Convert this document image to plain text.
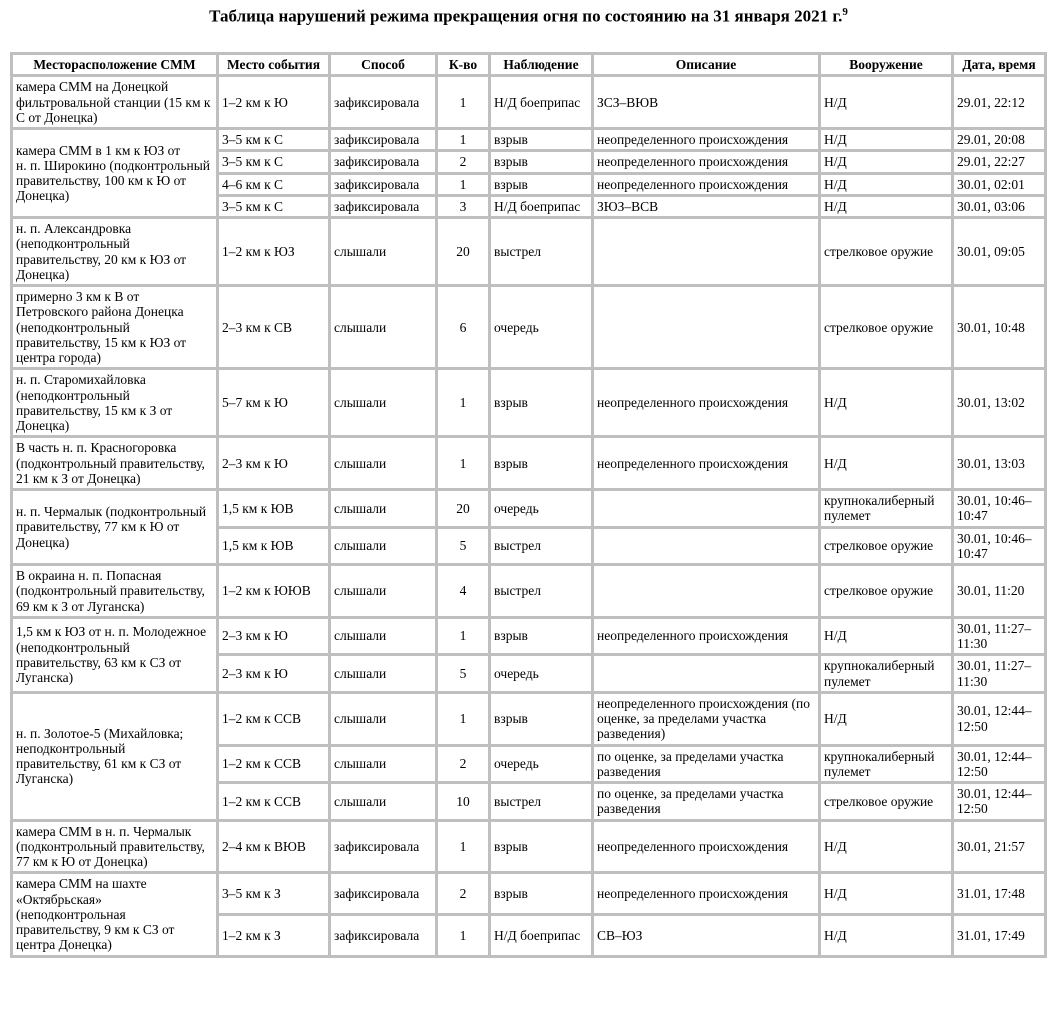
Таблица нарушений режима прекращения огня по состоянию на 31 января 2021 г.$^9$
Месторасположение СММ	Место события	Способ	К-во	Наблюдение	Описание	Вооружение	Дата, время
камера СММ на Донецкой фильтровальной станции (15 км к С от Донецка)	1–2 км к Ю	зафиксировала	1	Н/Д боеприпас	ЗСЗ–ВЮВ	Н/Д	29.01, 22:12
камера СММ в 1 км к ЮЗ от н. п. Широкино (подконтрольный правительству, 100 км к Ю от Донецка)	3–5 км к С	зафиксировала	1	взрыв	неопределенного происхождения	Н/Д	29.01, 20:08
	3–5 км к С	зафиксировала	2	взрыв	неопределенного происхождения	Н/Д	29.01, 22:27
	4–6 км к С	зафиксировала	1	взрыв	неопределенного происхождения	Н/Д	30.01, 02:01
	3–5 км к С	зафиксировала	3	Н/Д боеприпас	ЗЮЗ–ВСВ	Н/Д	30.01, 03:06
н. п. Александровка (неподконтрольный правительству, 20 км к ЮЗ от Донецка)	1–2 км к ЮЗ	слышали	20	выстрел		стрелковое оружие	30.01, 09:05
примерно 3 км к В от Петровского района Донецка (неподконтрольный правительству, 15 км к ЮЗ от центра города)	2–3 км к СВ	слышали	6	очередь		стрелковое оружие	30.01, 10:48
н. п. Старомихайловка (неподконтрольный правительству, 15 км к З от Донецка)	5–7 км к Ю	слышали	1	взрыв	неопределенного происхождения	Н/Д	30.01, 13:02
В часть н. п. Красногоровка (подконтрольный правительству, 21 км к З от Донецка)	2–3 км к Ю	слышали	1	взрыв	неопределенного происхождения	Н/Д	30.01, 13:03
н. п. Чермалык (подконтрольный правительству, 77 км к Ю от Донецка)	1,5 км к ЮВ	слышали	20	очередь		крупнокалиберный пулемет	30.01, 10:46–10:47
	1,5 км к ЮВ	слышали	5	выстрел		стрелковое оружие	30.01, 10:46–10:47
В окраина н. п. Попасная (подконтрольный правительству, 69 км к З от Луганска)	1–2 км к ЮЮВ	слышали	4	выстрел		стрелковое оружие	30.01, 11:20
1,5 км к ЮЗ от н. п. Молодежное (неподконтрольный правительству, 63 км к СЗ от Луганска)	2–3 км к Ю	слышали	1	взрыв	неопределенного происхождения	Н/Д	30.01, 11:27–11:30
	2–3 км к Ю	слышали	5	очередь		крупнокалиберный пулемет	30.01, 11:27–11:30
н. п. Золотое-5 (Михайловка; неподконтрольный правительству, 61 км к СЗ от Луганска)	1–2 км к ССВ	слышали	1	взрыв	неопределенного происхождения (по оценке, за пределами участка разведения)	Н/Д	30.01, 12:44–12:50
	1–2 км к ССВ	слышали	2	очередь	по оценке, за пределами участка разведения	крупнокалиберный пулемет	30.01, 12:44–12:50
	1–2 км к ССВ	слышали	10	выстрел	по оценке, за пределами участка разведения	стрелковое оружие	30.01, 12:44–12:50
камера СММ в н. п. Чермалык (подконтрольный правительству, 77 км к Ю от Донецка)	2–4 км к ВЮВ	зафиксировала	1	взрыв	неопределенного происхождения	Н/Д	30.01, 21:57
камера СММ на шахте «Октябрьская» (неподконтрольная правительству, 9 км к СЗ от центра Донецка)	3–5 км к З	зафиксировала	2	взрыв	неопределенного происхождения	Н/Д	31.01, 17:48
	1–2 км к З	зафиксировала	1	Н/Д боеприпас	СВ–ЮЗ	Н/Д	31.01, 17:49
